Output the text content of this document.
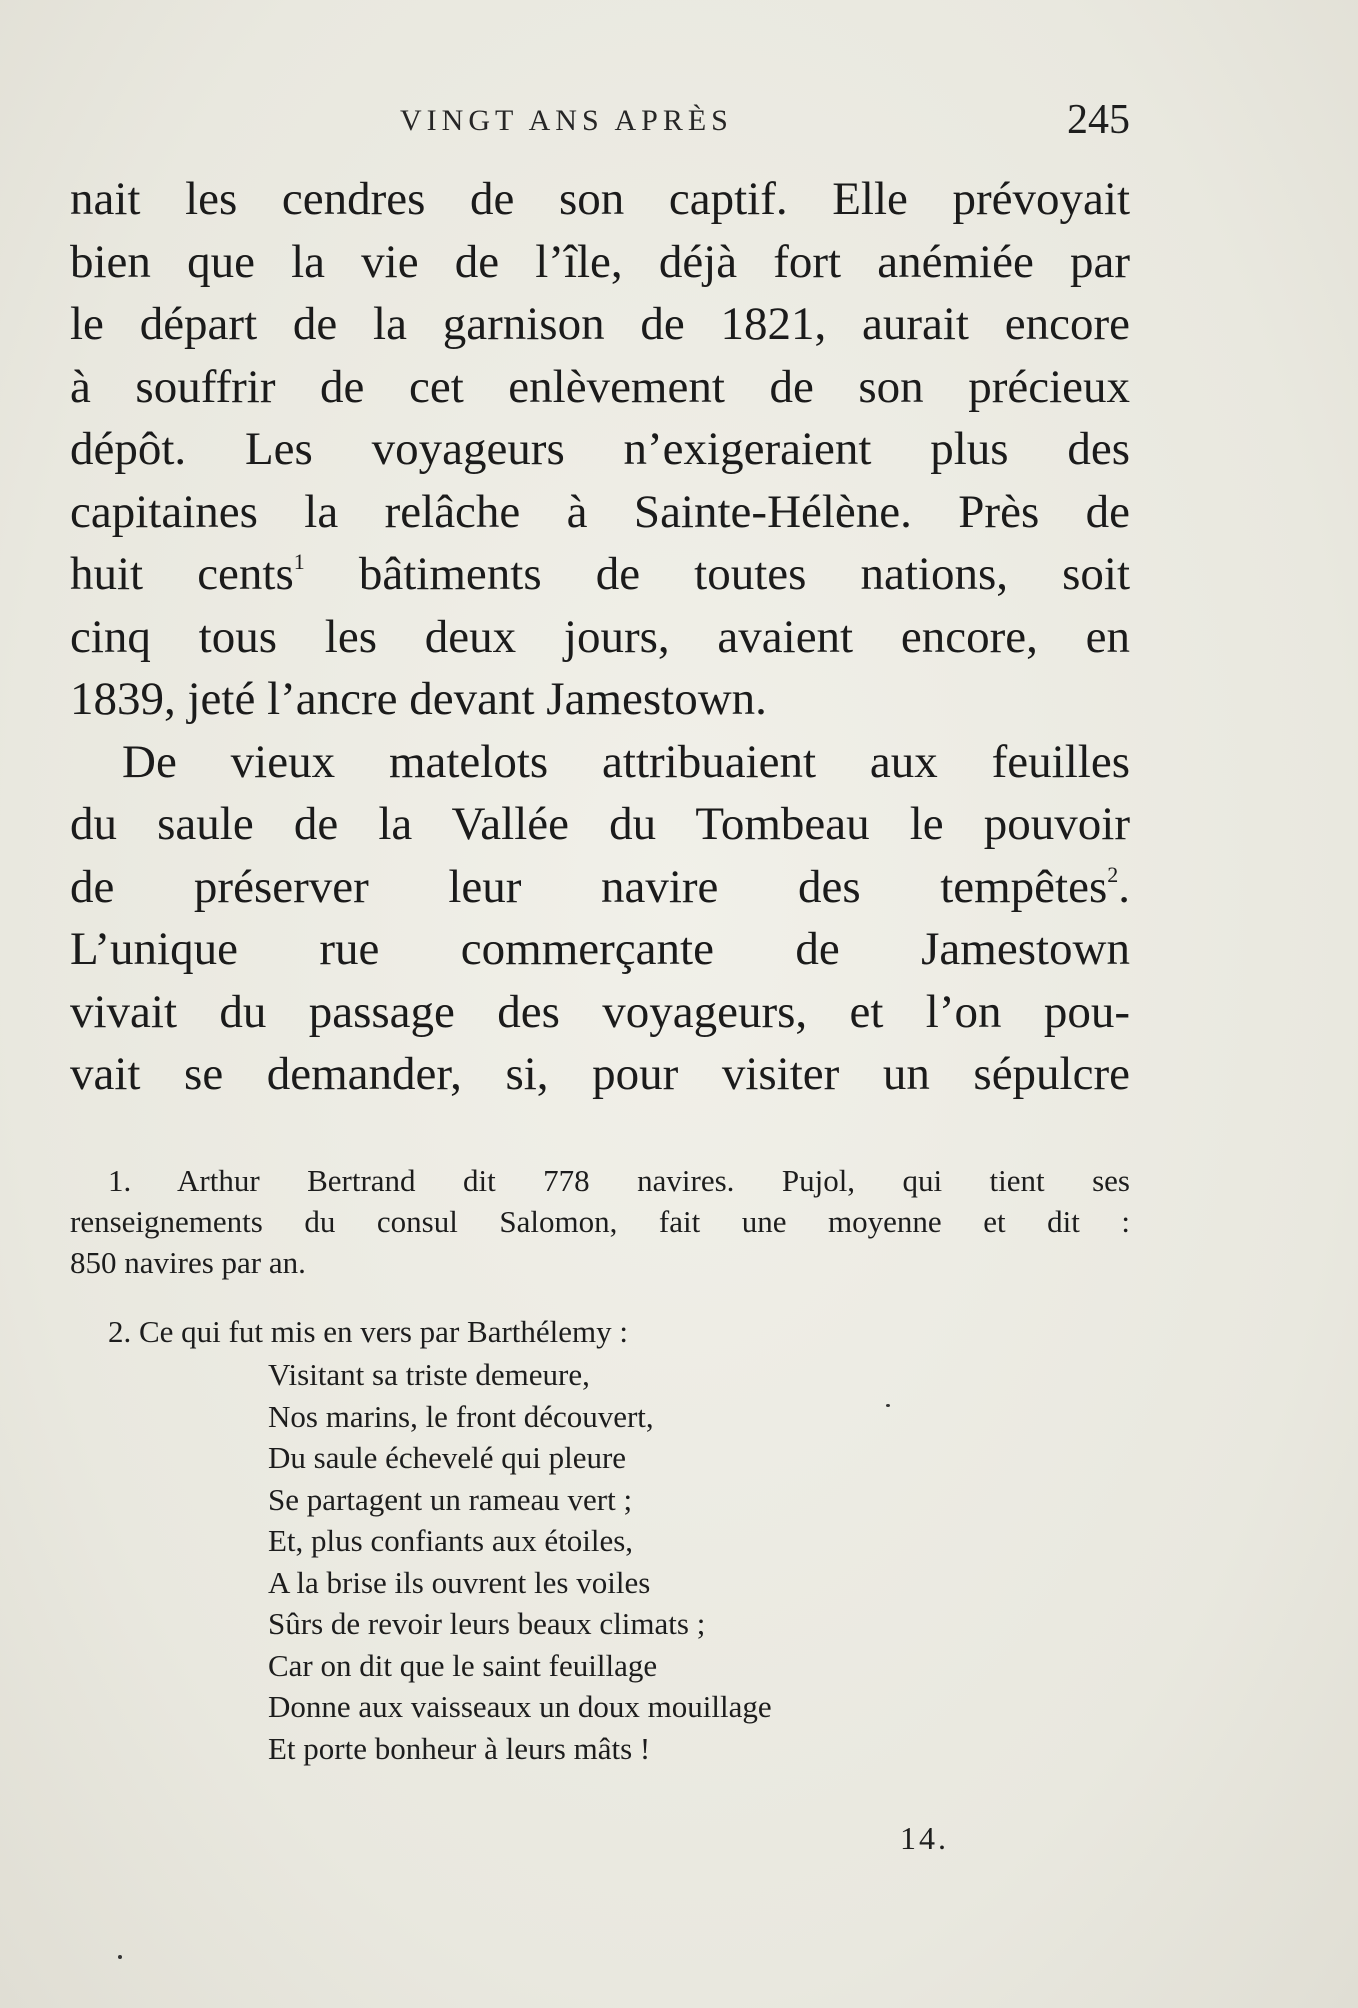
VINGT ANS APRÈS	245
nait les cendres de son captif. Elle prévoyait
bien que la vie de l’île, déjà fort anémiée par
le départ de la garnison de 1821, aurait encore
à souffrir de cet enlèvement de son précieux
dépôt. Les voyageurs n’exigeraient plus des
capitaines la relâche à Sainte-Hélène. Près de
huit cents$^1$ bâtiments de toutes nations, soit
cinq tous les deux jours, avaient encore, en
1839, jeté l’ancre devant Jamestown.
De vieux matelots attribuaient aux feuilles
du saule de la Vallée du Tombeau le pouvoir
de préserver leur navire des tempêtes$^2$.
L’unique rue commerçante de Jamestown
vivait du passage des voyageurs, et l’on pou-
vait se demander, si, pour visiter un sépulcre
1. Arthur Bertrand dit 778 navires. Pujol, qui tient ses
renseignements du consul Salomon, fait une moyenne et dit :
850 navires par an.
2. Ce qui fut mis en vers par Barthélemy :
Visitant sa triste demeure,
Nos marins, le front découvert,
Du saule échevelé qui pleure
Se partagent un rameau vert ;
Et, plus confiants aux étoiles,
A la brise ils ouvrent les voiles
Sûrs de revoir leurs beaux climats ;
Car on dit que le saint feuillage
Donne aux vaisseaux un doux mouillage
Et porte bonheur à leurs mâts !
14.
